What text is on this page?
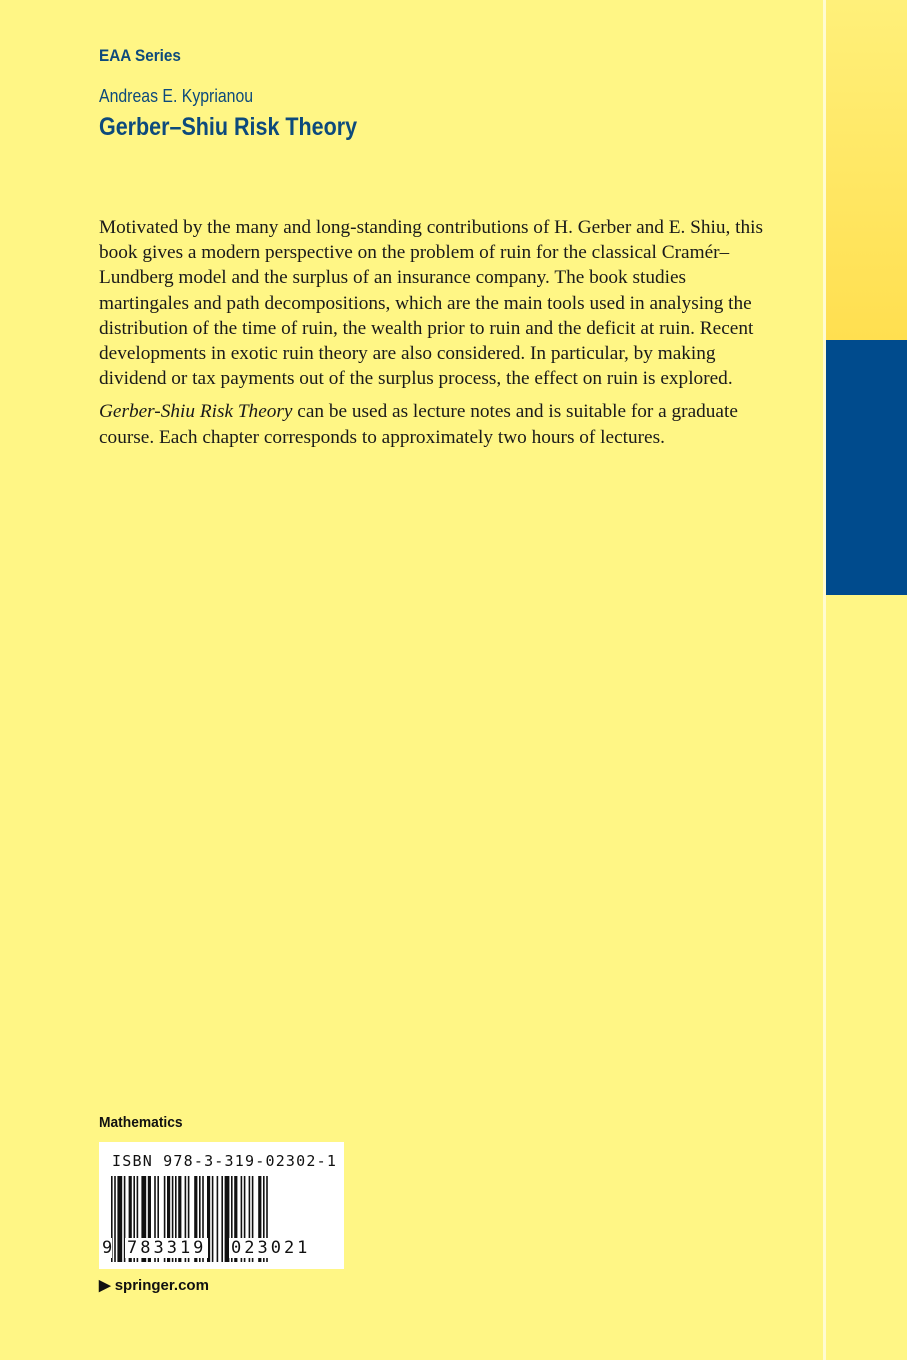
EAA Series
Andreas E. Kyprianou
Gerber–Shiu Risk Theory

Motivated by the many and long-standing contributions of H. Gerber and E. Shiu, this book gives a modern perspective on the problem of ruin for the classical Cramér–Lundberg model and the surplus of an insurance company. The book studies martingales and path decompositions, which are the main tools used in analysing the distribution of the time of ruin, the wealth prior to ruin and the deficit at ruin. Recent developments in exotic ruin theory are also considered. In particular, by making dividend or tax payments out of the surplus process, the effect on ruin is explored.

Gerber-Shiu Risk Theory can be used as lecture notes and is suitable for a graduate course. Each chapter corresponds to approximately two hours of lectures.

Mathematics
ISBN 978-3-319-02302-1
9 783319 023021
▶ springer.com
